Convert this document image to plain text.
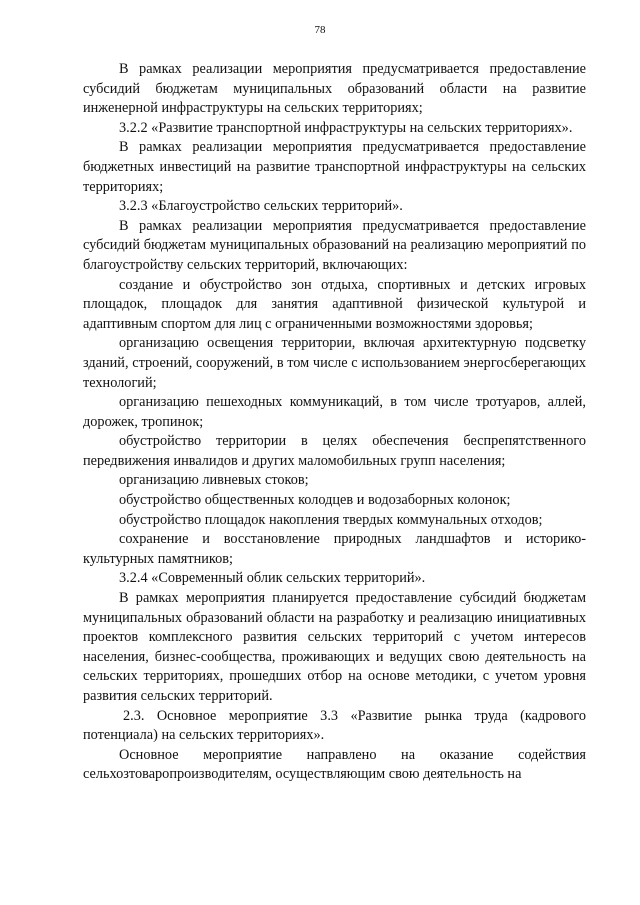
78

В рамках реализации мероприятия предусматривается предоставление субсидий бюджетам муниципальных образований области на развитие инженерной инфраструктуры на сельских территориях;

3.2.2 «Развитие транспортной инфраструктуры на сельских территориях».

В рамках реализации мероприятия предусматривается предоставление бюджетных инвестиций на развитие транспортной инфраструктуры на сельских территориях;

3.2.3 «Благоустройство сельских территорий».

В рамках реализации мероприятия предусматривается предоставление субсидий бюджетам муниципальных образований на реализацию мероприятий по благоустройству сельских территорий, включающих:

создание и обустройство зон отдыха, спортивных и детских игровых площадок, площадок для занятия адаптивной физической культурой и адаптивным спортом для лиц с ограниченными возможностями здоровья;

организацию освещения территории, включая архитектурную подсветку зданий, строений, сооружений, в том числе с использованием энергосберегающих технологий;

организацию пешеходных коммуникаций, в том числе тротуаров, аллей, дорожек, тропинок;

обустройство территории в целях обеспечения беспрепятственного передвижения инвалидов и других маломобильных групп населения;

организацию ливневых стоков;

обустройство общественных колодцев и водозаборных колонок;

обустройство площадок накопления твердых коммунальных отходов;

сохранение и восстановление природных ландшафтов и историко-культурных памятников;

3.2.4 «Современный облик сельских территорий».

В рамках мероприятия планируется предоставление субсидий бюджетам муниципальных образований области на разработку и реализацию инициативных проектов комплексного развития сельских территорий с учетом интересов населения, бизнес-сообщества, проживающих и ведущих свою деятельность на сельских территориях, прошедших отбор на основе методики, с учетом уровня развития сельских территорий.

2.3. Основное мероприятие 3.3 «Развитие рынка труда (кадрового потенциала) на сельских территориях».

Основное мероприятие направлено на оказание содействия сельхозтоваропроизводителям, осуществляющим свою деятельность на
